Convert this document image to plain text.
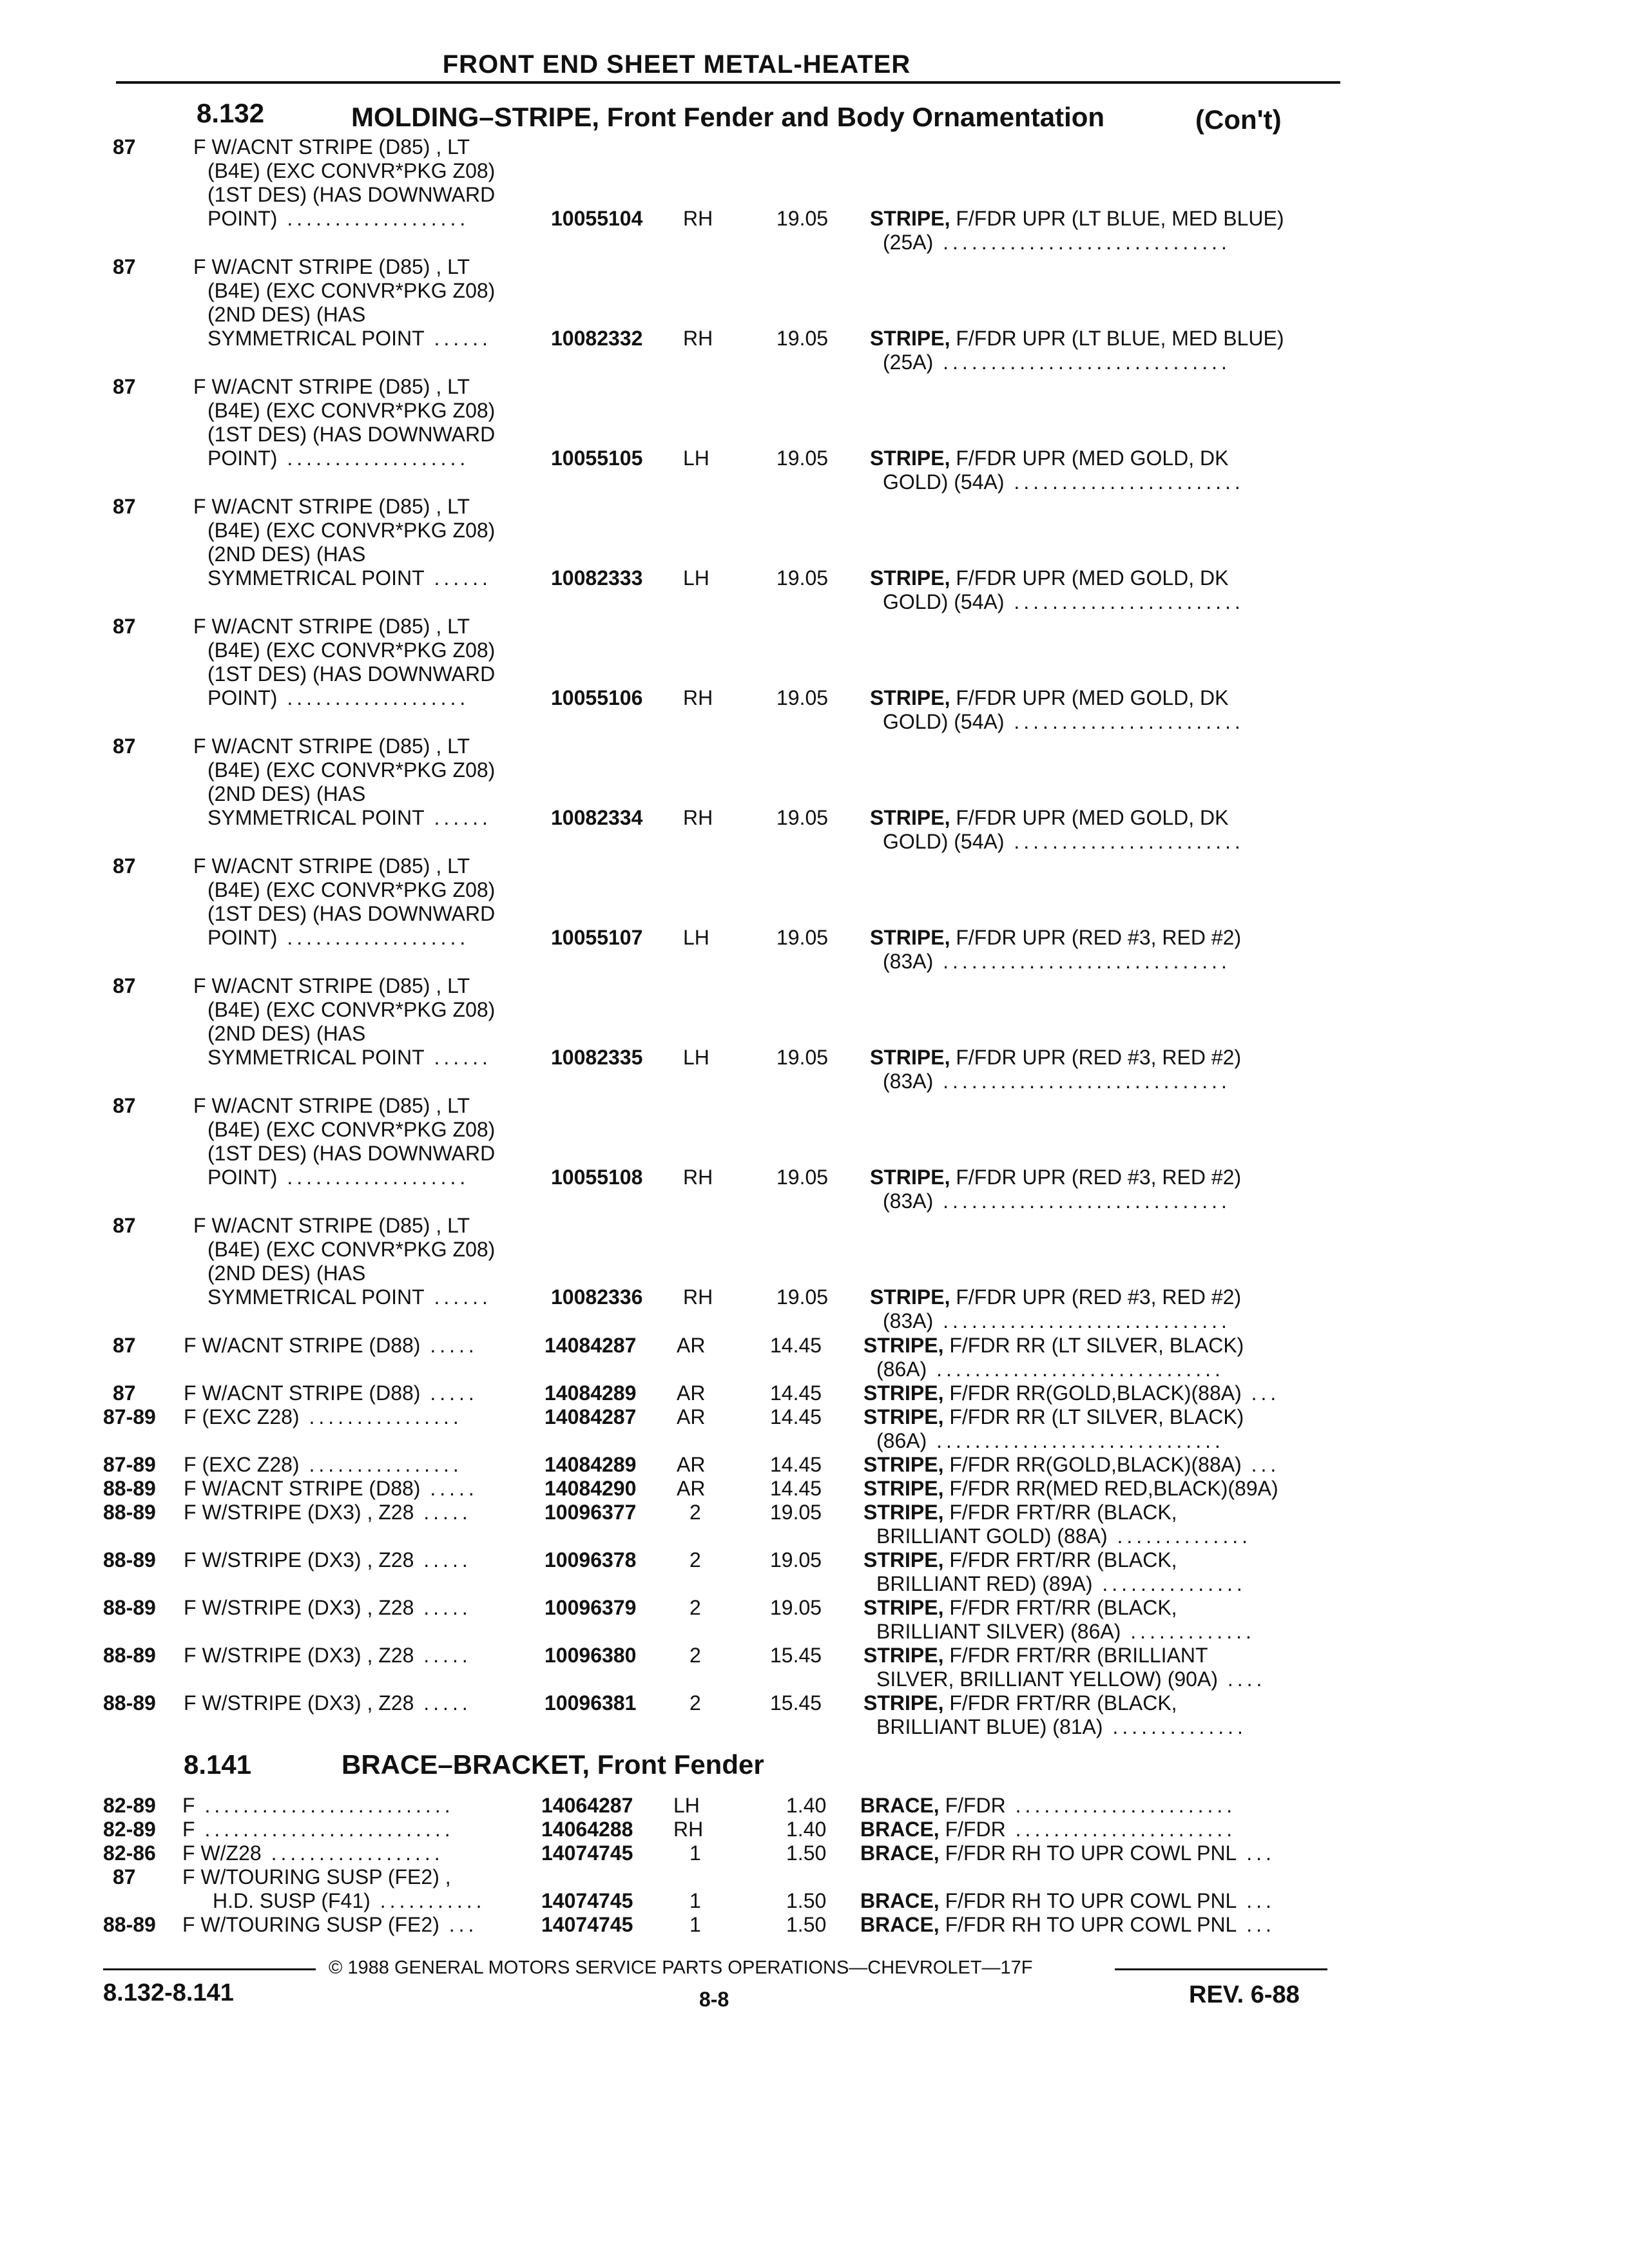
FRONT END SHEET METAL-HEATER
8.132	MOLDING–STRIPE, Front Fender and Body Ornamentation	(Con't)
87	F W/ACNT STRIPE (D85) , LT
(B4E) (EXC CONVR*PKG Z08)
(1ST DES) (HAS DOWNWARD
POINT) ...................	10055104 RH	19.05 STRIPE, F/FDR UPR (LT BLUE, MED BLUE)
(25A) ..............................
87	F W/ACNT STRIPE (D85) , LT
(B4E) (EXC CONVR*PKG Z08)
(2ND DES) (HAS
SYMMETRICAL POINT ......	10082332 RH	19.05 STRIPE, F/FDR UPR (LT BLUE, MED BLUE)
(25A) ..............................
87	F W/ACNT STRIPE (D85) , LT
(B4E) (EXC CONVR*PKG Z08)
(1ST DES) (HAS DOWNWARD
POINT) ...................	10055105 LH	19.05 STRIPE, F/FDR UPR (MED GOLD, DK
GOLD) (54A) ........................
87	F W/ACNT STRIPE (D85) , LT
(B4E) (EXC CONVR*PKG Z08)
(2ND DES) (HAS
SYMMETRICAL POINT ......	10082333 LH	19.05 STRIPE, F/FDR UPR (MED GOLD, DK
GOLD) (54A) ........................
87	F W/ACNT STRIPE (D85) , LT
(B4E) (EXC CONVR*PKG Z08)
(1ST DES) (HAS DOWNWARD
POINT) ...................	10055106 RH	19.05 STRIPE, F/FDR UPR (MED GOLD, DK
GOLD) (54A) ........................
87	F W/ACNT STRIPE (D85) , LT
(B4E) (EXC CONVR*PKG Z08)
(2ND DES) (HAS
SYMMETRICAL POINT ......	10082334 RH	19.05 STRIPE, F/FDR UPR (MED GOLD, DK
GOLD) (54A) ........................
87	F W/ACNT STRIPE (D85) , LT
(B4E) (EXC CONVR*PKG Z08)
(1ST DES) (HAS DOWNWARD
POINT) ...................	10055107 LH	19.05 STRIPE, F/FDR UPR (RED #3, RED #2)
(83A) ..............................
87	F W/ACNT STRIPE (D85) , LT
(B4E) (EXC CONVR*PKG Z08)
(2ND DES) (HAS
SYMMETRICAL POINT ......	10082335 LH	19.05 STRIPE, F/FDR UPR (RED #3, RED #2)
(83A) ..............................
87	F W/ACNT STRIPE (D85) , LT
(B4E) (EXC CONVR*PKG Z08)
(1ST DES) (HAS DOWNWARD
POINT) ...................	10055108 RH	19.05 STRIPE, F/FDR UPR (RED #3, RED #2)
(83A) ..............................
87	F W/ACNT STRIPE (D85) , LT
(B4E) (EXC CONVR*PKG Z08)
(2ND DES) (HAS
SYMMETRICAL POINT ......	10082336 RH	19.05 STRIPE, F/FDR UPR (RED #3, RED #2)
(83A) ..............................
87 F W/ACNT STRIPE (D88) .....	14084287 AR	14.45 STRIPE, F/FDR RR (LT SILVER, BLACK)
(86A) ..............................
87 F W/ACNT STRIPE (D88) .....	14084289 AR	14.45 STRIPE, F/FDR RR(GOLD,BLACK)(88A) ...
87-89 F (EXC Z28) ................	14084287 AR	14.45 STRIPE, F/FDR RR (LT SILVER, BLACK)
(86A) ..............................
87-89 F (EXC Z28) ................	14084289 AR	14.45 STRIPE, F/FDR RR(GOLD,BLACK)(88A) ...
88-89 F W/ACNT STRIPE (D88) .....	14084290 AR	14.45 STRIPE, F/FDR RR(MED RED,BLACK)(89A)
88-89 F W/STRIPE (DX3) , Z28 .....	10096377	2	19.05 STRIPE, F/FDR FRT/RR (BLACK,
BRILLIANT GOLD) (88A) ..............
88-89 F W/STRIPE (DX3) , Z28 .....	10096378	2	19.05 STRIPE, F/FDR FRT/RR (BLACK,
BRILLIANT RED) (89A) ...............
88-89 F W/STRIPE (DX3) , Z28 .....	10096379	2	19.05 STRIPE, F/FDR FRT/RR (BLACK,
BRILLIANT SILVER) (86A) .............
88-89 F W/STRIPE (DX3) , Z28 .....	10096380	2	15.45 STRIPE, F/FDR FRT/RR (BRILLIANT
SILVER, BRILLIANT YELLOW) (90A) ....
88-89 F W/STRIPE (DX3) , Z28 .....	10096381	2	15.45 STRIPE, F/FDR FRT/RR (BLACK,
BRILLIANT BLUE) (81A) ..............
8.141	BRACE–BRACKET, Front Fender
82-89 F ..........................	14064287 LH	1.40 BRACE, F/FDR .......................
82-89 F ..........................	14064288 RH	1.40 BRACE, F/FDR .......................
82-86 F W/Z28 ..................	14074745	1	1.50 BRACE, F/FDR RH TO UPR COWL PNL ...
87 F W/TOURING SUSP (FE2) ,
H.D. SUSP (F41) ...........	14074745	1	1.50 BRACE, F/FDR RH TO UPR COWL PNL ...
88-89 F W/TOURING SUSP (FE2) ...	14074745	1	1.50 BRACE, F/FDR RH TO UPR COWL PNL ...
© 1988 GENERAL MOTORS SERVICE PARTS OPERATIONS—CHEVROLET—17F
8.132-8.141	8-8	REV. 6-88
